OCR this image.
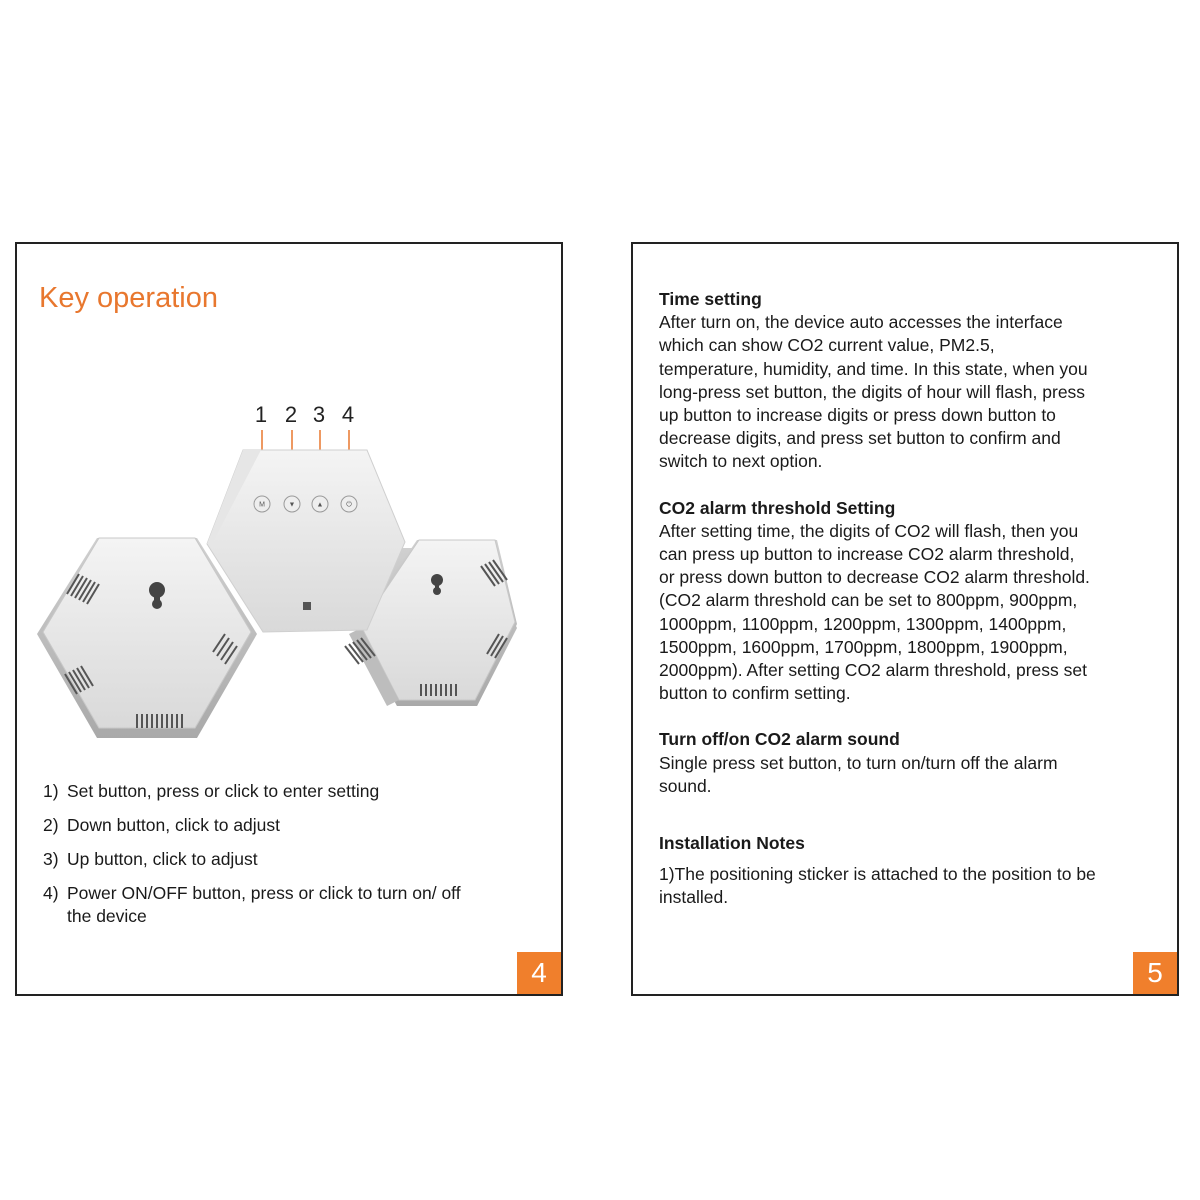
Key operation
1 2 3 4
M	▼	▲	⏻
1) Set button, press or click to enter setting
2) Down button, click to adjust
3) Up button, click to adjust
4) Power ON/OFF button, press or click to turn on/ off the device
4
Time setting
After turn on, the device auto accesses the interface
which can show CO2 current value, PM2.5,
temperature, humidity, and time. In this state, when you
long-press set button, the digits of hour will flash, press
up button to increase digits or press down button to
decrease digits, and press set button to confirm and
switch to next option.
CO2 alarm threshold Setting
After setting time, the digits of CO2 will flash, then you
can press up button to increase CO2 alarm threshold,
or press down button to decrease CO2 alarm threshold.
(CO2 alarm threshold can be set to 800ppm, 900ppm,
1000ppm, 1100ppm, 1200ppm, 1300ppm, 1400ppm,
1500ppm, 1600ppm, 1700ppm, 1800ppm, 1900ppm,
2000ppm). After setting CO2 alarm threshold, press set
button to confirm setting.
Turn off/on CO2 alarm sound
Single press set button, to turn on/turn off the alarm
sound.
Installation Notes
1)The positioning sticker is attached to the position to be
installed.
5
